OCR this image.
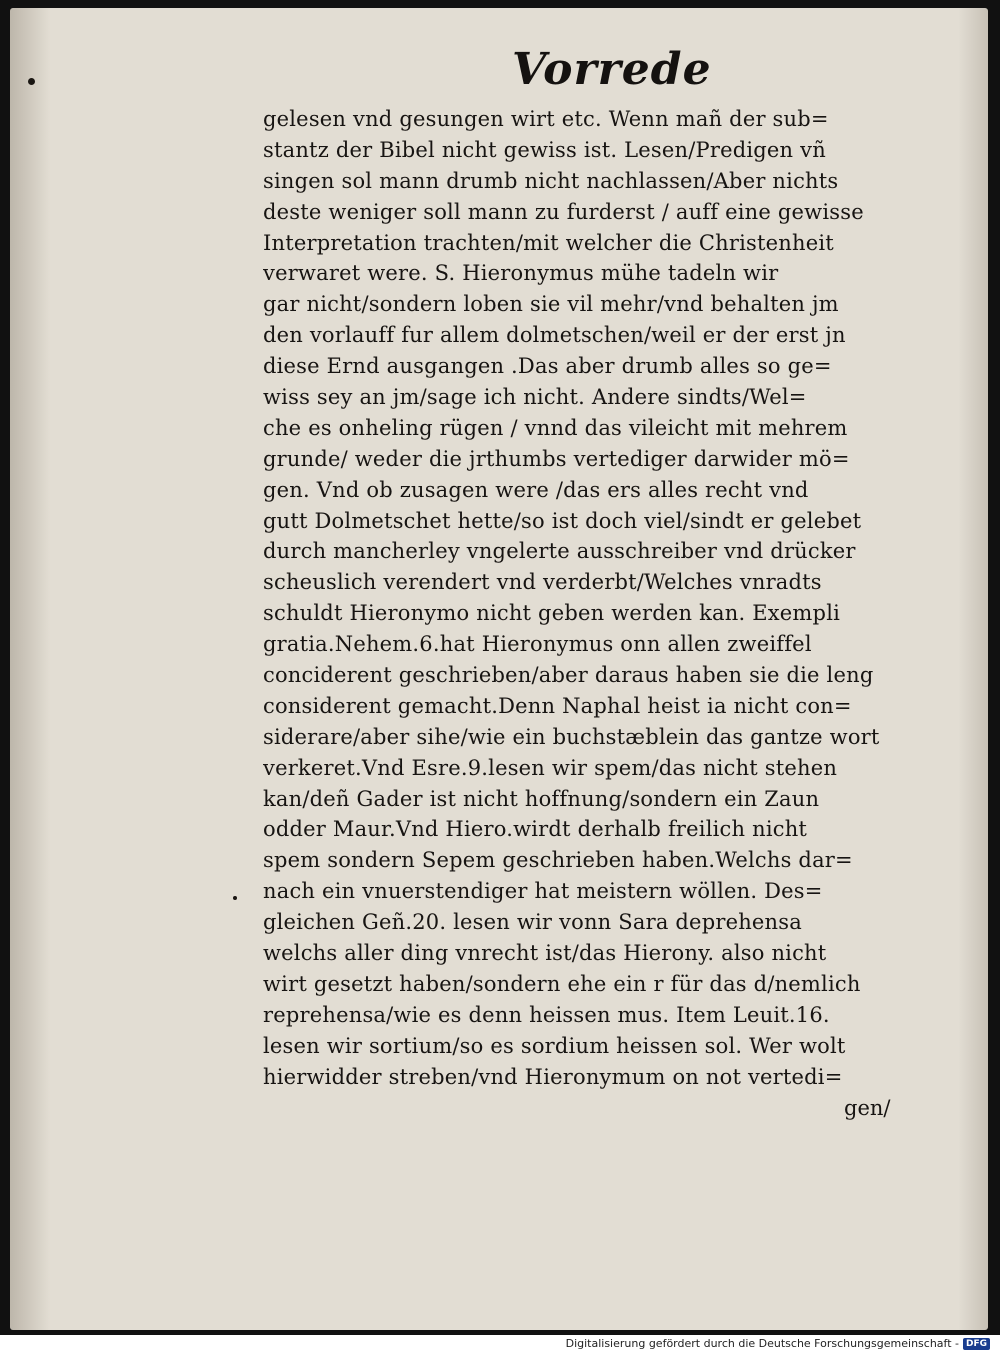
Vorrede
gelesen vnd gesungen wirt etc. Wenn mañ der sub=
stantz der Bibel nicht gewiss ist. Lesen/Predigen vñ
singen sol mann drumb nicht nachlassen/Aber nichts
deste weniger soll mann zu furderst / auff eine gewisse
Interpretation trachten/mit welcher die Christenheit
verwaret were. S. Hieronymus mühe tadeln wir
gar nicht/sondern loben sie vil mehr/vnd behalten jm
den vorlauff fur allem dolmetschen/weil er der erst jn
diese Ernd ausgangen .Das aber drumb alles so ge=
wiss sey an jm/sage ich nicht. Andere sindts/Wel=
che es onheling rügen / vnnd das vileicht mit mehrem
grunde/ weder die jrthumbs vertediger darwider mö=
gen. Vnd ob zusagen were /das ers alles recht vnd
gutt Dolmetschet hette/so ist doch viel/sindt er gelebet
durch mancherley vngelerte ausschreiber vnd drücker
scheuslich verendert vnd verderbt/Welches vnradts
schuldt Hieronymo nicht geben werden kan. Exempli
gratia.Nehem.6.hat Hieronymus onn allen zweiffel
conciderent geschrieben/aber daraus haben sie die leng
considerent gemacht.Denn Naphal heist ia nicht con=
siderare/aber sihe/wie ein buchstæblein das gantze wort
verkeret.Vnd Esre.9.lesen wir spem/das nicht stehen
kan/deñ Gader ist nicht hoffnung/sondern ein Zaun
odder Maur.Vnd Hiero.wirdt derhalb freilich nicht
spem sondern Sepem geschrieben haben.Welchs dar=
nach ein vnuerstendiger hat meistern wöllen. Des=
gleichen Geñ.20. lesen wir vonn Sara deprehensa
welchs aller ding vnrecht ist/das Hierony. also nicht
wirt gesetzt haben/sondern ehe ein r für das d/nemlich
reprehensa/wie es denn heissen mus. Item Leuit.16.
lesen wir sortium/so es sordium heissen sol. Wer wolt
hierwidder streben/vnd Hieronymum on not vertedi=
gen/
Digitalisierung gefördert durch die Deutsche Forschungsgemeinschaft - DFG
